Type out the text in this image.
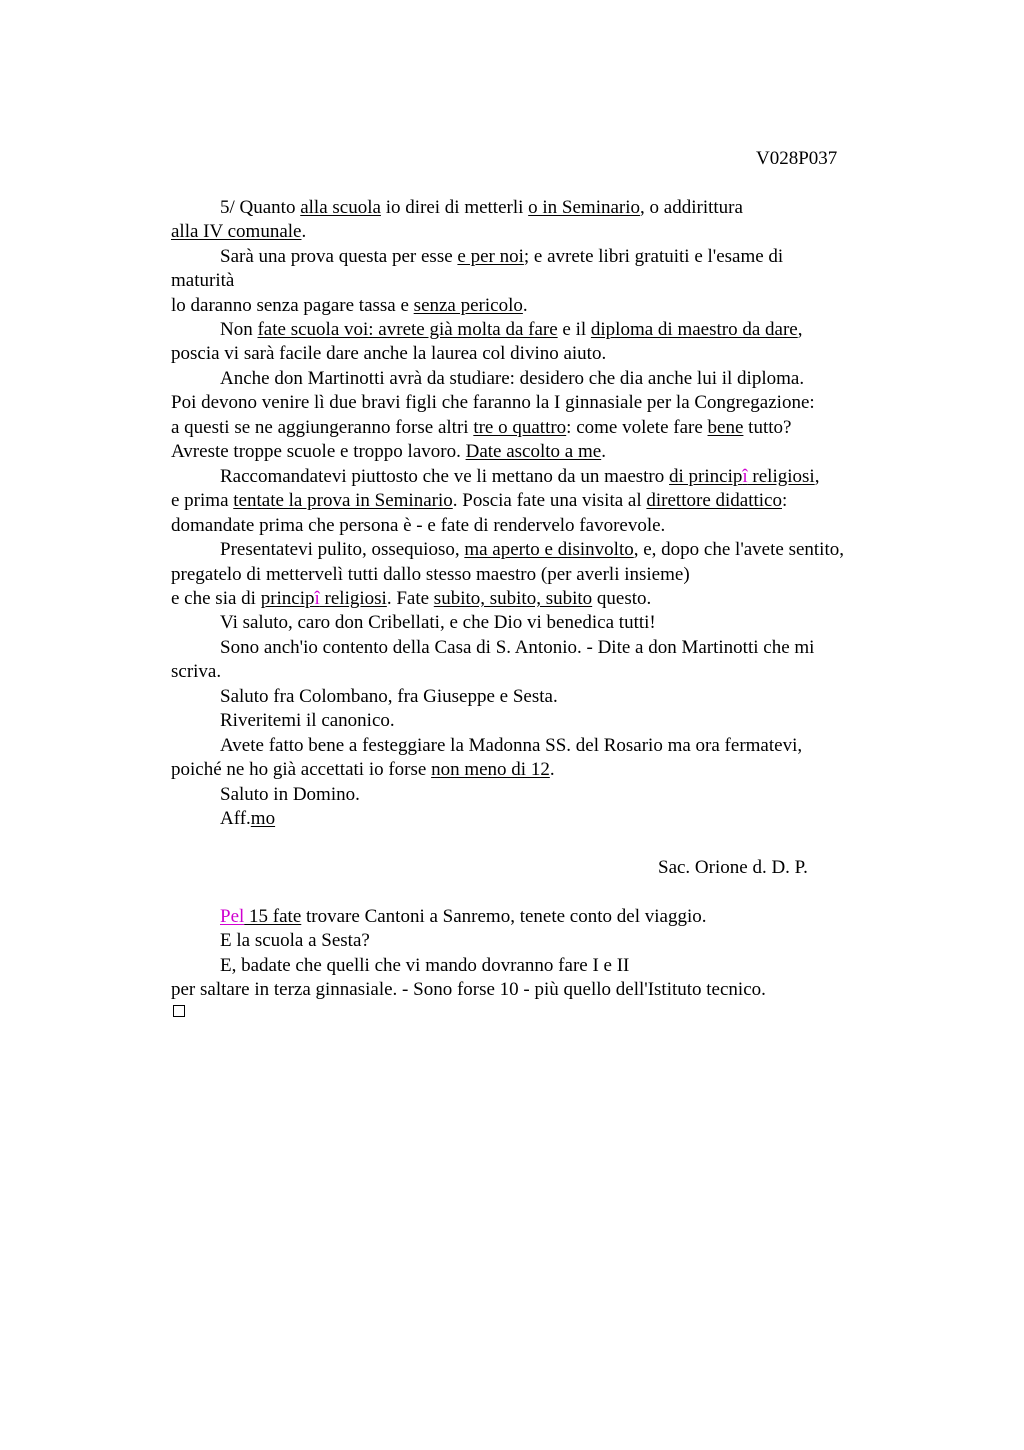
V028P037
5/ Quanto alla scuola io direi di metterli o in Seminario, o addirittura
alla IV comunale.
Sarà una prova questa per esse e per noi; e avrete libri gratuiti e l'esame di
maturità
lo daranno senza pagare tassa e senza pericolo.
Non fate scuola voi: avrete già molta da fare e il diploma di maestro da dare,
poscia vi sarà facile dare anche la laurea col divino aiuto.
Anche don Martinotti avrà da studiare: desidero che dia anche lui il diploma.
Poi devono venire lì due bravi figli che faranno la I ginnasiale per la Congregazione:
a questi se ne aggiungeranno forse altri tre o quattro: come volete fare bene tutto?
Avreste troppe scuole e troppo lavoro. Date ascolto a me.
Raccomandatevi piuttosto che ve li mettano da un maestro di principî religiosi,
e prima tentate la prova in Seminario. Poscia fate una visita al direttore didattico:
domandate prima che persona è - e fate di rendervelo favorevole.
Presentatevi pulito, ossequioso, ma aperto e disinvolto, e, dopo che l'avete sentito,
pregatelo di mettervelì tutti dallo stesso maestro (per averli insieme)
e che sia di principî religiosi. Fate subito, subito, subito questo.
Vi saluto, caro don Cribellati, e che Dio vi benedica tutti!
Sono anch'io contento della Casa di S. Antonio. - Dite a don Martinotti che mi
scriva.
Saluto fra Colombano, fra Giuseppe e Sesta.
Riveritemi il canonico.
Avete fatto bene a festeggiare la Madonna SS. del Rosario ma ora fermatevi,
poiché ne ho già accettati io forse non meno di 12.
Saluto in Domino.
Aff.mo
Sac. Orione d. D. P.
Pel 15 fate trovare Cantoni a Sanremo, tenete conto del viaggio.
E la scuola a Sesta?
E, badate che quelli che vi mando dovranno fare I e II
per saltare in terza ginnasiale. - Sono forse 10 - più quello dell'Istituto tecnico.
